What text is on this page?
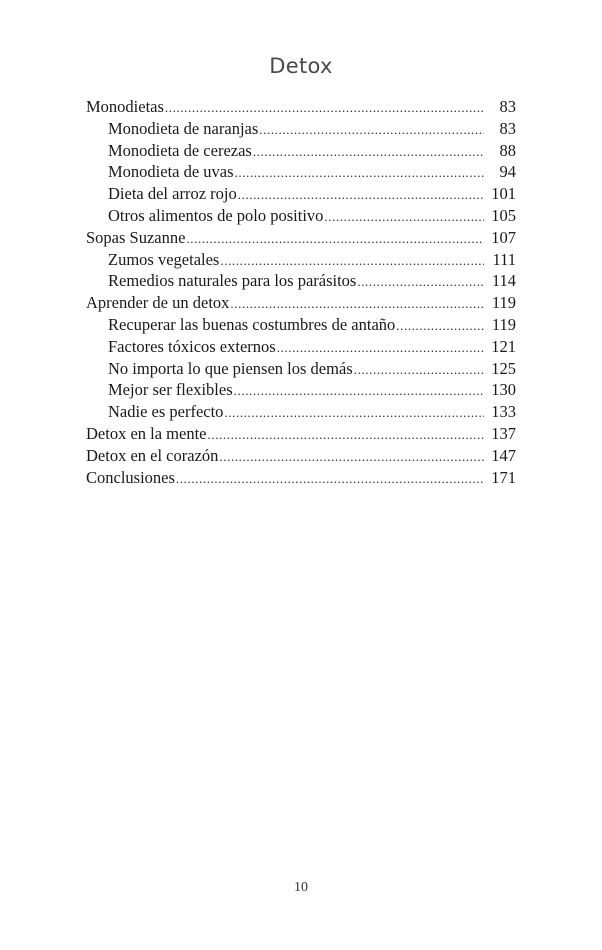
Detox
Monodietas .....	83
Monodieta de naranjas .....	83
Monodieta de cerezas .....	88
Monodieta de uvas .....	94
Dieta del arroz rojo .....	101
Otros alimentos de polo positivo .....	105
Sopas Suzanne .....	107
Zumos vegetales .....	111
Remedios naturales para los parásitos .....	114
Aprender de un detox .....	119
Recuperar las buenas costumbres de antaño .....	119
Factores tóxicos externos .....	121
No importa lo que piensen los demás .....	125
Mejor ser flexibles .....	130
Nadie es perfecto .....	133
Detox en la mente .....	137
Detox en el corazón .....	147
Conclusiones .....	171
10
